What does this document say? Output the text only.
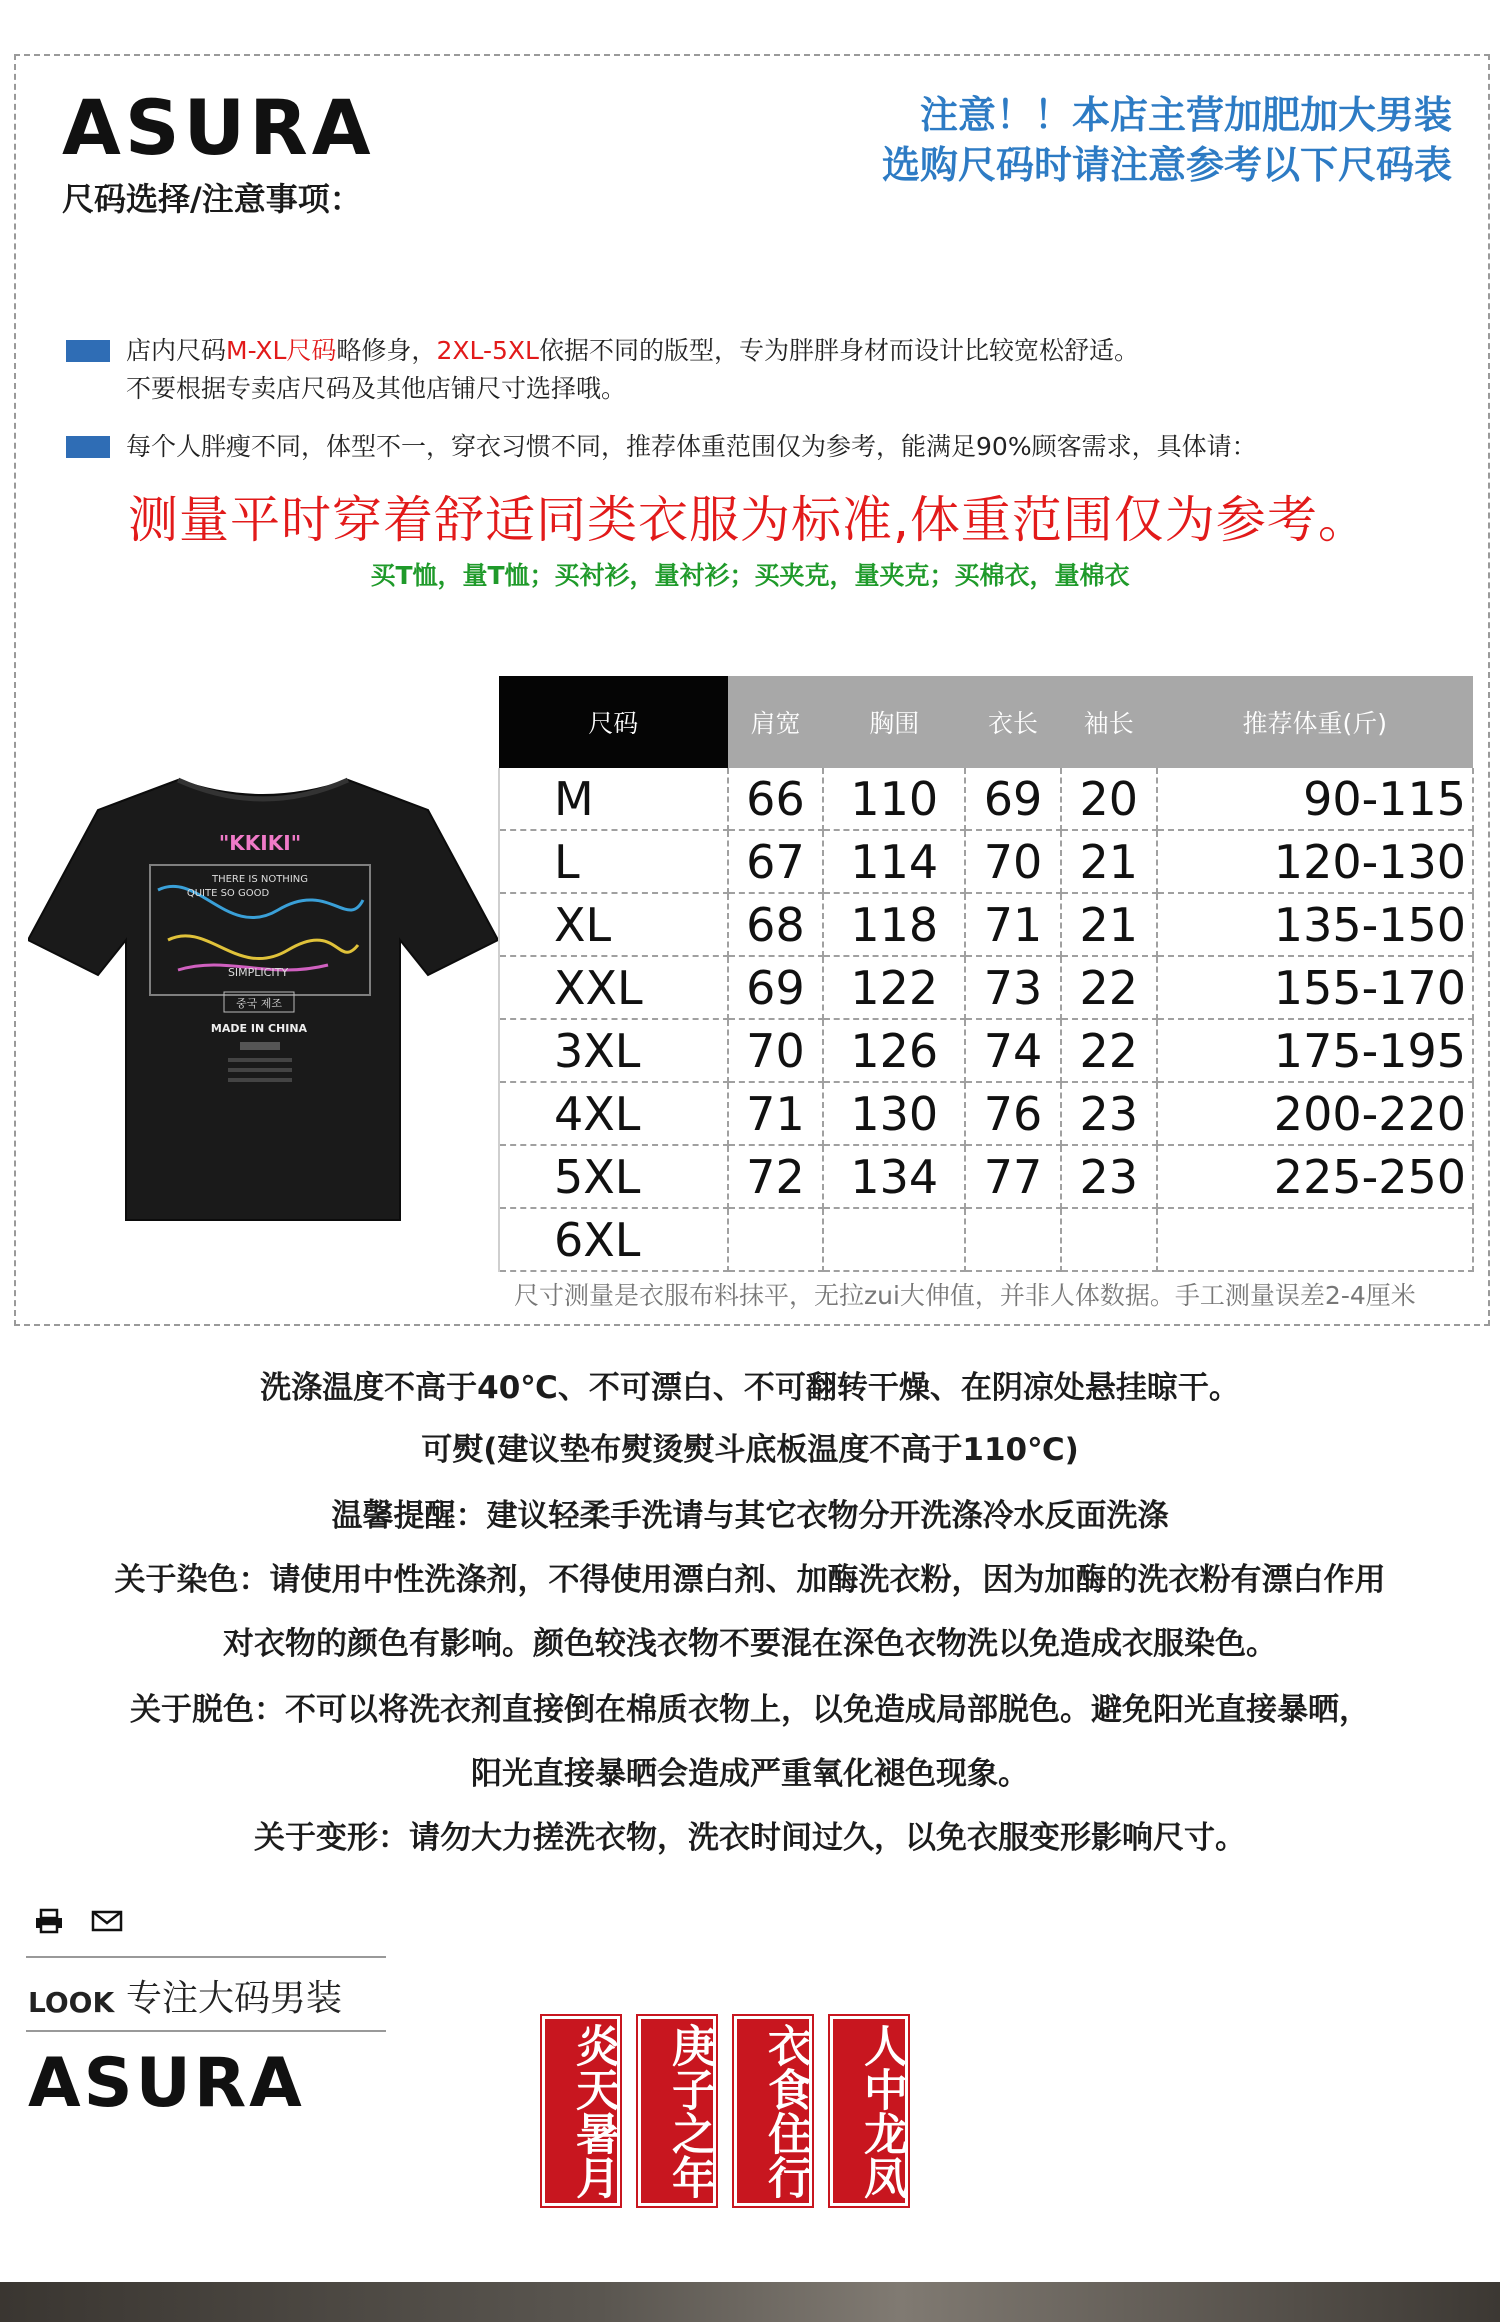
ASURA
尺码选择/注意事项：
注意！！本店主营加肥加大男装
选购尺码时请注意参考以下尺码表
店内尺码M-XL尺码略修身，2XL-5XL依据不同的版型，专为胖胖身材而设计比较宽松舒适。
不要根据专卖店尺码及其他店铺尺寸选择哦。
每个人胖瘦不同，体型不一，穿衣习惯不同，推荐体重范围仅为参考，能满足90%顾客需求，具体请：
测量平时穿着舒适同类衣服为标准,体重范围仅为参考。
买T恤，量T恤；买衬衫，量衬衫；买夹克，量夹克；买棉衣，量棉衣
"KKIKI"
THERE IS NOTHING
QUITE SO GOOD
SIMPLICITY
중국 제조
MADE IN CHINA
尺码	肩宽	胸围	衣长	袖长	推荐体重(斤)
M	66	110	69	20	90-115
L	67	114	70	21	120-130
XL	68	118	71	21	135-150
XXL	69	122	73	22	155-170
3XL	70	126	74	22	175-195
4XL	71	130	76	23	200-220
5XL	72	134	77	23	225-250
6XL					
尺寸测量是衣服布料抹平，无拉zui大伸值，并非人体数据。手工测量误差2-4厘米
洗涤温度不高于40℃、不可漂白、不可翻转干燥、在阴凉处悬挂晾干。
可熨(建议垫布熨烫熨斗底板温度不高于110℃)
温馨提醒：建议轻柔手洗请与其它衣物分开洗涤冷水反面洗涤
关于染色：请使用中性洗涤剂，不得使用漂白剂、加酶洗衣粉，因为加酶的洗衣粉有漂白作用
对衣物的颜色有影响。颜色较浅衣物不要混在深色衣物洗以免造成衣服染色。
关于脱色：不可以将洗衣剂直接倒在棉质衣物上，以免造成局部脱色。避免阳光直接暴晒，
阳光直接暴晒会造成严重氧化褪色现象。
关于变形：请勿大力搓洗衣物，洗衣时间过久，以免衣服变形影响尺寸。

LOOK 专注大码男装
ASURA	炎天暑月	庚子之年	衣食住行	人中龙凤
